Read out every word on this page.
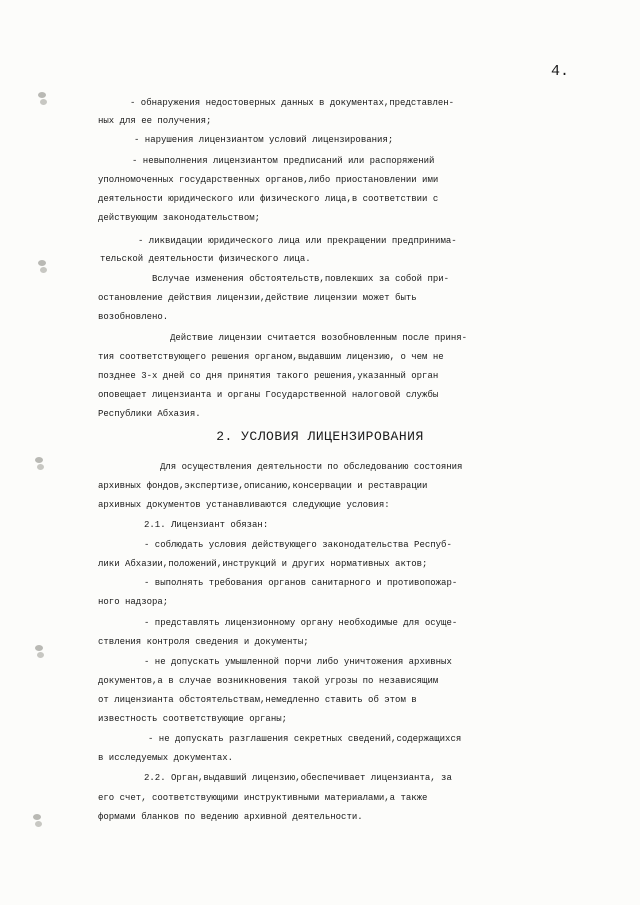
4.

- обнаружения недостоверных данных в документах,представлен-

ных для ее получения;

- нарушения лицензиантом условий лицензирования;

- невыполнения лицензиантом предписаний или распоряжений

уполномоченных государственных органов,либо приостановлении ими

деятельности юридического или физического лица,в соответствии с

действующим законодательством;

- ликвидации юридического лица или прекращении предпринима-

тельской деятельности физического лица.

Вслучае изменения обстоятельств,повлекших за собой при-

остановление действия лицензии,действие лицензии может быть

возобновлено.

Действие лицензии считается возобновленным после приня-

тия соответствующего решения органом,выдавшим лицензию, о чем не

позднее 3-х дней со дня принятия такого решения,указанный орган

оповещает лицензианта и органы Государственной налоговой службы

Республики Абхазия.

2. УСЛОВИЯ ЛИЦЕНЗИРОВАНИЯ

Для осуществления деятельности по обследованию состояния

архивных фондов,экспертизе,описанию,консервации и реставрации

архивных документов устанавливаются следующие условия:

2.1. Лицензиант обязан:

- соблюдать условия действующего законодательства Респуб-

лики Абхазии,положений,инструкций и других нормативных актов;

- выполнять требования органов санитарного и противопожар-

ного надзора;

- представлять лицензионному органу необходимые для осуще-

ствления контроля сведения и документы;

- не допускать умышленной порчи либо уничтожения архивных

документов,а в случае возникновения такой угрозы по независящим

от лицензианта обстоятельствам,немедленно ставить об этом в

известность соответствующие органы;

- не допускать разглашения секретных сведений,содержащихся

в исследуемых документах.

2.2. Орган,выдавший лицензию,обеспечивает лицензианта, за

его счет, соответствующими инструктивными материалами,а также

формами бланков по ведению архивной деятельности.
